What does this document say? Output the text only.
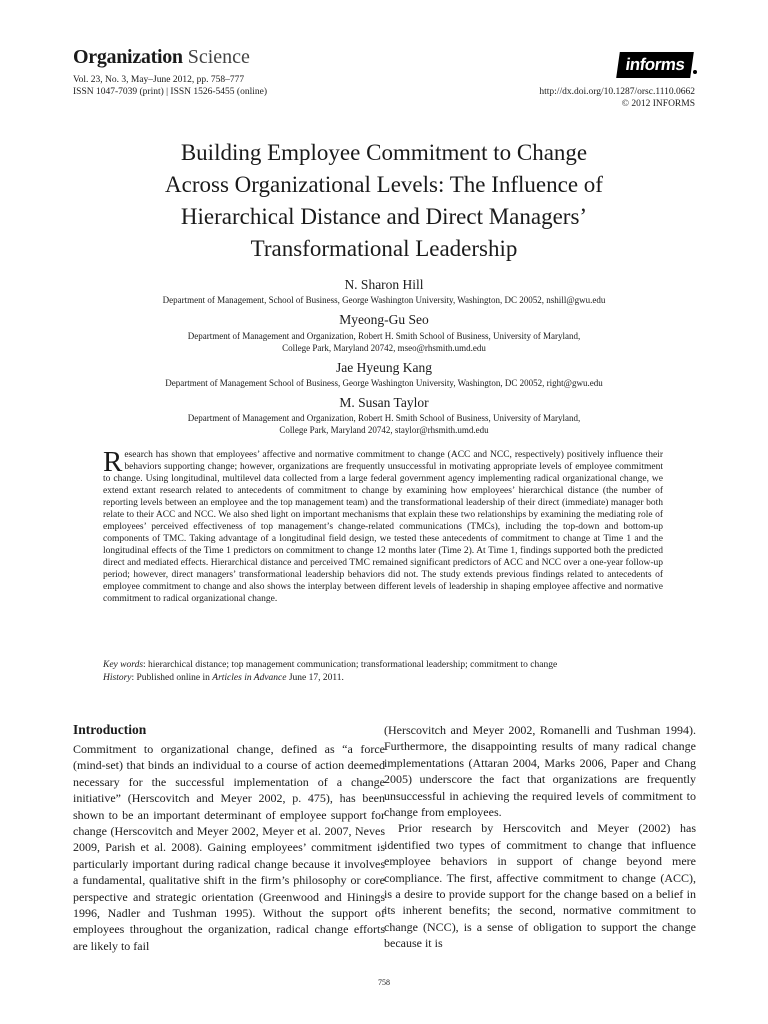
Organization Science
Vol. 23, No. 3, May–June 2012, pp. 758–777
ISSN 1047-7039 (print) | ISSN 1526-5455 (online)
informs
http://dx.doi.org/10.1287/orsc.1110.0662
© 2012 INFORMS
Building Employee Commitment to Change
Across Organizational Levels: The Influence of
Hierarchical Distance and Direct Managers’
Transformational Leadership
N. Sharon Hill
Department of Management, School of Business, George Washington University, Washington, DC 20052, nshill@gwu.edu
Myeong-Gu Seo
Department of Management and Organization, Robert H. Smith School of Business, University of Maryland,
College Park, Maryland 20742, mseo@rhsmith.umd.edu
Jae Hyeung Kang
Department of Management School of Business, George Washington University, Washington, DC 20052, right@gwu.edu
M. Susan Taylor
Department of Management and Organization, Robert H. Smith School of Business, University of Maryland,
College Park, Maryland 20742, staylor@rhsmith.umd.edu
Research has shown that employees’ affective and normative commitment to change (ACC and NCC, respectively) positively influence their behaviors supporting change; however, organizations are frequently unsuccessful in motivating appropriate levels of employee commitment to change. Using longitudinal, multilevel data collected from a large federal government agency implementing radical organizational change, we extend extant research related to antecedents of commitment to change by examining how employees’ hierarchical distance (the number of reporting levels between an employee and the top management team) and the transformational leadership of their direct (immediate) manager both relate to their ACC and NCC. We also shed light on important mechanisms that explain these two relationships by examining the mediating role of employees’ perceived effectiveness of top management’s change-related communications (TMCs), including the top-down and bottom-up components of TMC. Taking advantage of a longitudinal field design, we tested these antecedents of commitment to change at Time 1 and the longitudinal effects of the Time 1 predictors on commitment to change 12 months later (Time 2). At Time 1, findings supported both the predicted direct and mediated effects. Hierarchical distance and perceived TMC remained significant predictors of ACC and NCC over a one-year follow-up period; however, direct managers’ transformational leadership behaviors did not. The study extends previous findings related to antecedents of employee commitment to change and also shows the interplay between different levels of leadership in shaping employee affective and normative commitment to radical organizational change.
Key words: hierarchical distance; top management communication; transformational leadership; commitment to change
History: Published online in Articles in Advance June 17, 2011.
Introduction

Commitment to organizational change, defined as “a force (mind-set) that binds an individual to a course of action deemed necessary for the successful implementation of a change initiative” (Herscovitch and Meyer 2002, p. 475), has been shown to be an important determinant of employee support for change (Herscovitch and Meyer 2002, Meyer et al. 2007, Neves 2009, Parish et al. 2008). Gaining employees’ commitment is particularly important during radical change because it involves a fundamental, qualitative shift in the firm’s philosophy or core perspective and strategic orientation (Greenwood and Hinings 1996, Nadler and Tushman 1995). Without the support of employees throughout the organization, radical change efforts are likely to fail

(Herscovitch and Meyer 2002, Romanelli and Tushman 1994). Furthermore, the disappointing results of many radical change implementations (Attaran 2004, Marks 2006, Paper and Chang 2005) underscore the fact that organizations are frequently unsuccessful in achieving the required levels of commitment to change from employees.

Prior research by Herscovitch and Meyer (2002) has identified two types of commitment to change that influence employee behaviors in support of change beyond mere compliance. The first, affective commitment to change (ACC), is a desire to provide support for the change based on a belief in its inherent benefits; the second, normative commitment to change (NCC), is a sense of obligation to support the change because it is

758
